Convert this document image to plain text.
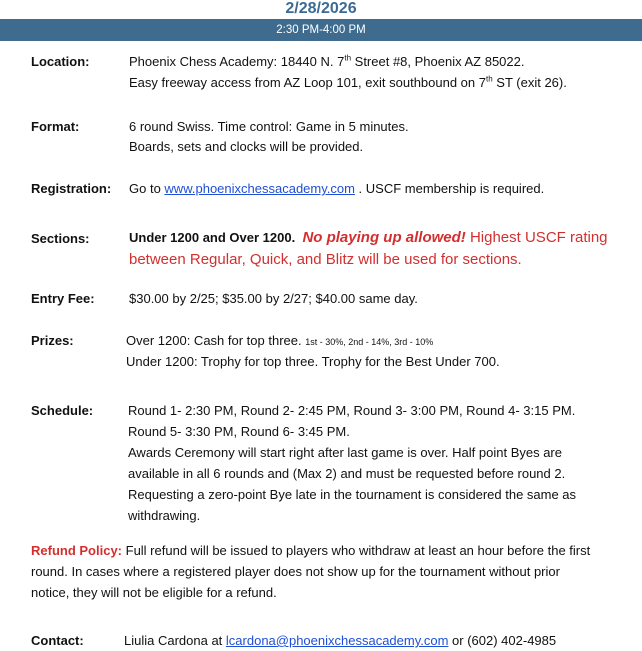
2/28/2026
2:30 PM-4:00 PM
Location:	Phoenix Chess Academy: 18440 N. 7th Street #8, Phoenix AZ 85022.
Easy freeway access from AZ Loop 101, exit southbound on 7th ST (exit 26).
Format:	6 round Swiss. Time control: Game in 5 minutes.
Boards, sets and clocks will be provided.
Registration: Go to www.phoenixchessacademy.com . USCF membership is required.
Sections:	Under 1200 and Over 1200. No playing up allowed! Highest USCF rating
between Regular, Quick, and Blitz will be used for sections.
Entry Fee:	$30.00 by 2/25; $35.00 by 2/27; $40.00 same day.
Prizes:	Over 1200: Cash for top three. 1st - 30%, 2nd - 14%, 3rd - 10%
Under 1200: Trophy for top three. Trophy for the Best Under 700.
Schedule:	Round 1- 2:30 PM, Round 2- 2:45 PM, Round 3- 3:00 PM, Round 4- 3:15 PM.
Round 5- 3:30 PM, Round 6- 3:45 PM.
Awards Ceremony will start right after last game is over. Half point Byes are
available in all 6 rounds and (Max 2) and must be requested before round 2.
Requesting a zero-point Bye late in the tournament is considered the same as
withdrawing.
Refund Policy: Full refund will be issued to players who withdraw at least an hour before the first
round. In cases where a registered player does not show up for the tournament without prior
notice, they will not be eligible for a refund.
Contact:	Liulia Cardona at lcardona@phoenixchessacademy.com or (602) 402-4985
